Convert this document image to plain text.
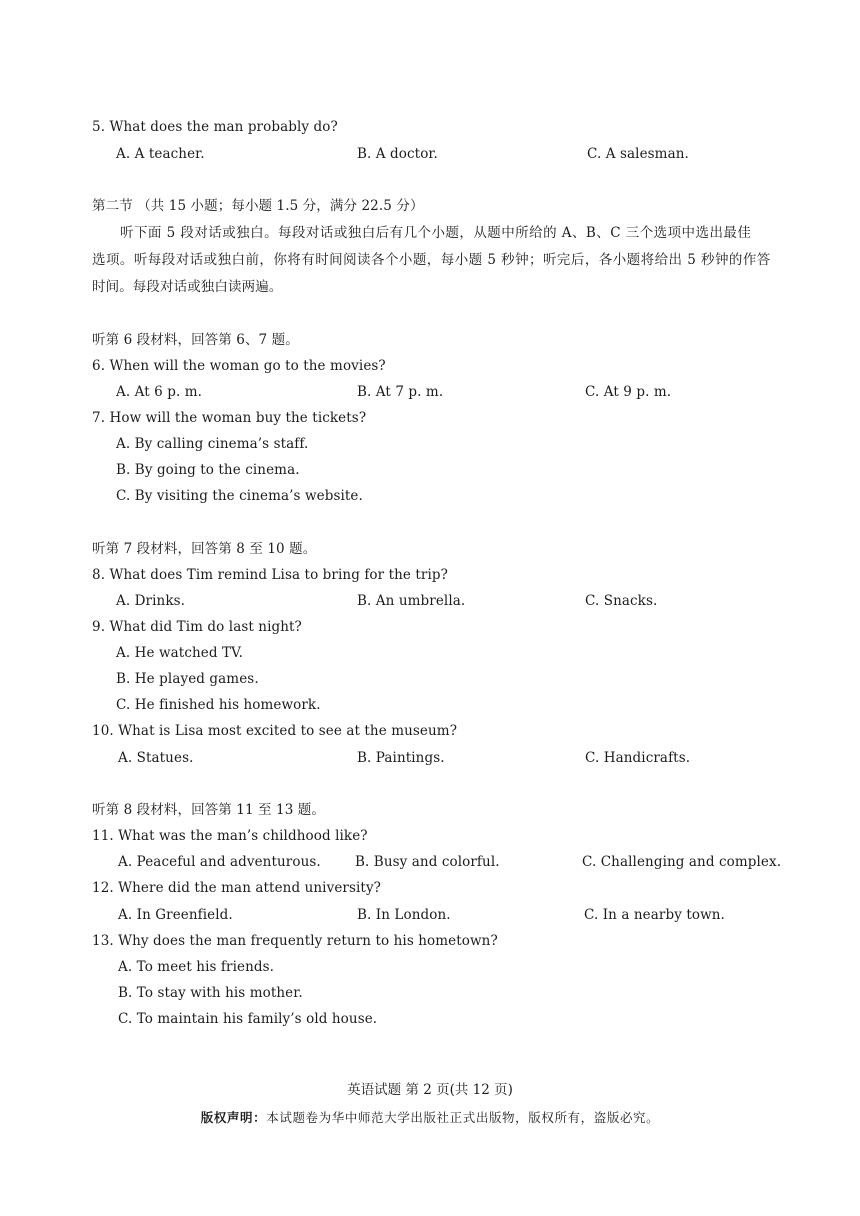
5. What does the man probably do?
A. A teacher.	B. A doctor.	C. A salesman.
第二节 （共 15 小题；每小题 1.5 分，满分 22.5 分）
听下面 5 段对话或独白。每段对话或独白后有几个小题，从题中所给的 A、B、C 三个选项中选出最佳
选项。听每段对话或独白前，你将有时间阅读各个小题，每小题 5 秒钟；听完后，各小题将给出 5 秒钟的作答
时间。每段对话或独白读两遍。
听第 6 段材料，回答第 6、7 题。
6. When will the woman go to the movies?
A. At 6 p. m.	B. At 7 p. m.	C. At 9 p. m.
7. How will the woman buy the tickets?
A. By calling cinema’s staff.
B. By going to the cinema.
C. By visiting the cinema’s website.
听第 7 段材料，回答第 8 至 10 题。
8. What does Tim remind Lisa to bring for the trip?
A. Drinks.	B. An umbrella.	C. Snacks.
9. What did Tim do last night?
A. He watched TV.
B. He played games.
C. He finished his homework.
10. What is Lisa most excited to see at the museum?
A. Statues.	B. Paintings.	C. Handicrafts.
听第 8 段材料，回答第 11 至 13 题。
11. What was the man’s childhood like?
A. Peaceful and adventurous.	B. Busy and colorful.	C. Challenging and complex.
12. Where did the man attend university?
A. In Greenfield.	B. In London.	C. In a nearby town.
13. Why does the man frequently return to his hometown?
A. To meet his friends.
B. To stay with his mother.
C. To maintain his family’s old house.
英语试题 第 2 页(共 12 页)
版权声明：本试题卷为华中师范大学出版社正式出版物，版权所有，盗版必究。
